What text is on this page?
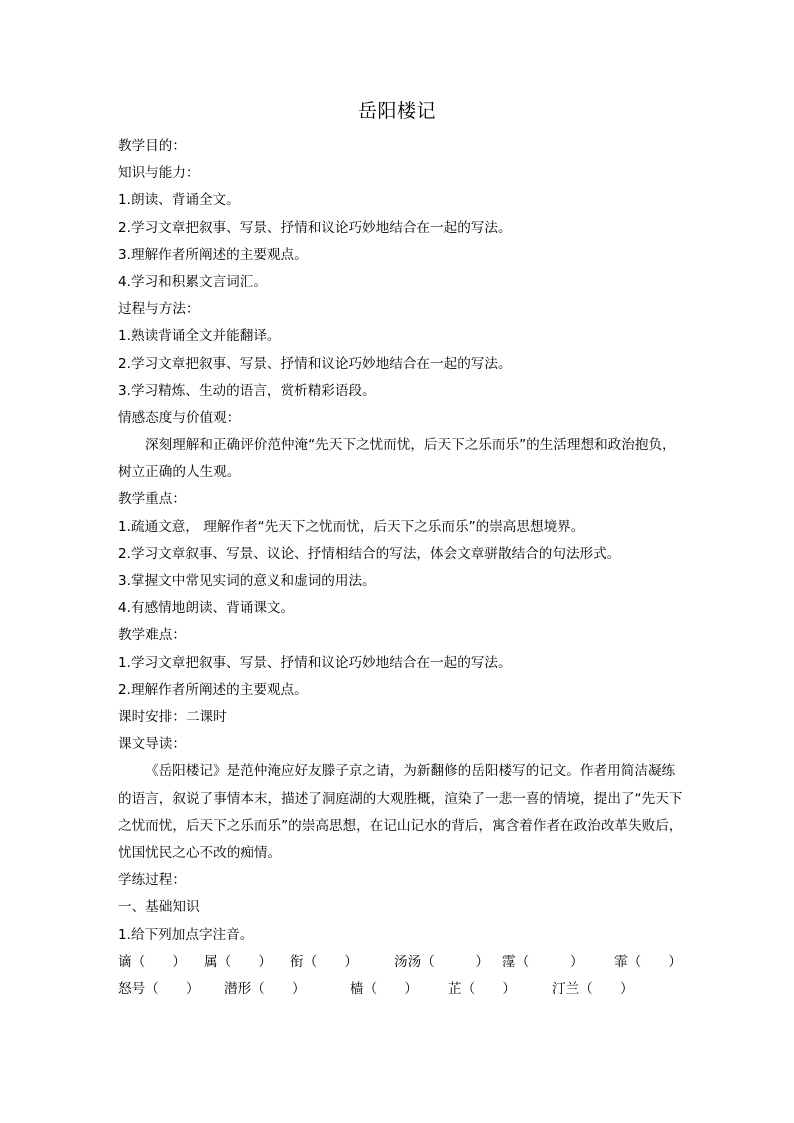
岳阳楼记
教学目的：
知识与能力：
1.朗读、背诵全文。
2.学习文章把叙事、写景、抒情和议论巧妙地结合在一起的写法。
3.理解作者所阐述的主要观点。
4.学习和积累文言词汇。
过程与方法：
1.熟读背诵全文并能翻译。
2.学习文章把叙事、写景、抒情和议论巧妙地结合在一起的写法。
3.学习精炼、生动的语言，赏析精彩语段。
情感态度与价值观：
深刻理解和正确评价范仲淹“先天下之忧而忧，后天下之乐而乐”的生活理想和政治抱负，树立正确的人生观。
教学重点：
1.疏通文意， 理解作者“先天下之忧而忧，后天下之乐而乐”的崇高思想境界。
2.学习文章叙事、写景、议论、抒情相结合的写法，体会文章骈散结合的句法形式。
3.掌握文中常见实词的意义和虚词的用法。
4.有感情地朗读、背诵课文。
教学难点：
1.学习文章把叙事、写景、抒情和议论巧妙地结合在一起的写法。
2.理解作者所阐述的主要观点。
课时安排：二课时
课文导读：
《岳阳楼记》是范仲淹应好友滕子京之请，为新翻修的岳阳楼写的记文。作者用简洁凝练的语言，叙说了事情本末，描述了洞庭湖的大观胜概，渲染了一悲一喜的情境，提出了“先天下之忧而忧，后天下之乐而乐”的崇高思想，在记山记水的背后，寓含着作者在政治改革失败后，忧国忧民之心不改的痴情。
学练过程：
一、基础知识
1.给下列加点字注音。
谪（　　） 属（　　） 衔（　　）	汤汤（　　　） 霪（　　　） 霏（　　）
怒号（　　） 潜形（　　）	樯（　　） 芷（　　）	汀兰（　　）
